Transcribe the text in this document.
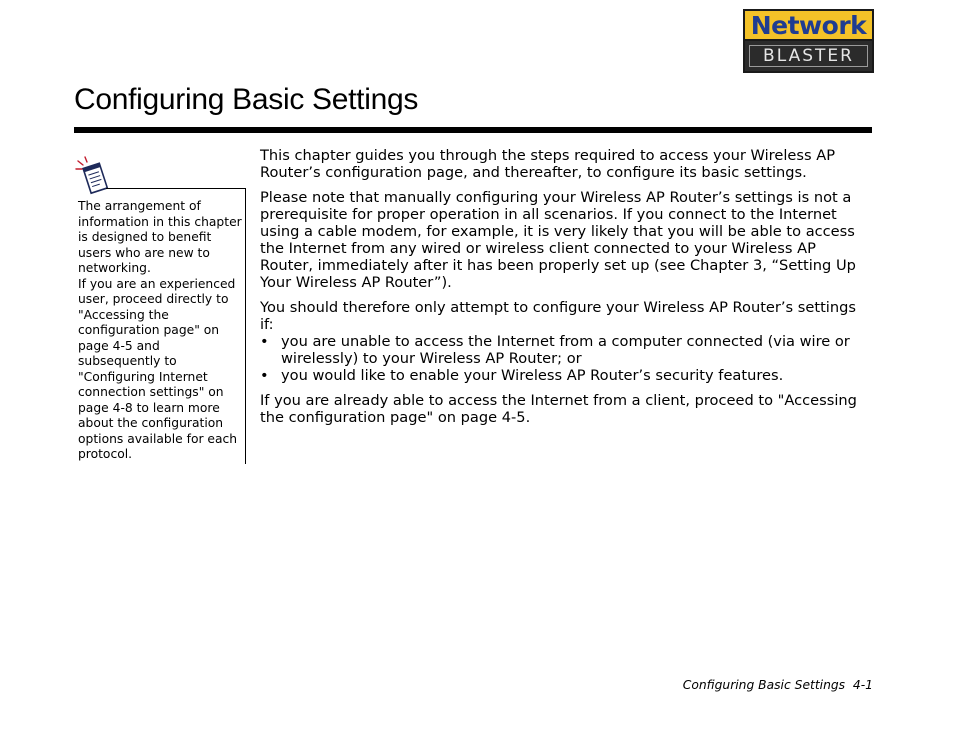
Network
BLASTER
Configuring Basic Settings

The arrangement of information in this chapter is designed to benefit users who are new to networking.

If you are an experienced user, proceed directly to "Accessing the configuration page" on page 4-5 and subsequently to "Configuring Internet connection settings" on page 4-8 to learn more about the configuration options available for each protocol.

This chapter guides you through the steps required to access your Wireless AP Router’s configuration page, and thereafter, to configure its basic settings.

Please note that manually configuring your Wireless AP Router’s settings is not a prerequisite for proper operation in all scenarios. If you connect to the Internet using a cable modem, for example, it is very likely that you will be able to access the Internet from any wired or wireless client connected to your Wireless AP Router, immediately after it has been properly set up (see Chapter 3, “Setting Up Your Wireless AP Router”).

You should therefore only attempt to configure your Wireless AP Router’s settings if:

• you are unable to access the Internet from a computer connected (via wire or wirelessly) to your Wireless AP Router; or
• you would like to enable your Wireless AP Router’s security features.

If you are already able to access the Internet from a client, proceed to "Accessing the configuration page" on page 4-5.

Configuring Basic Settings 4-1
